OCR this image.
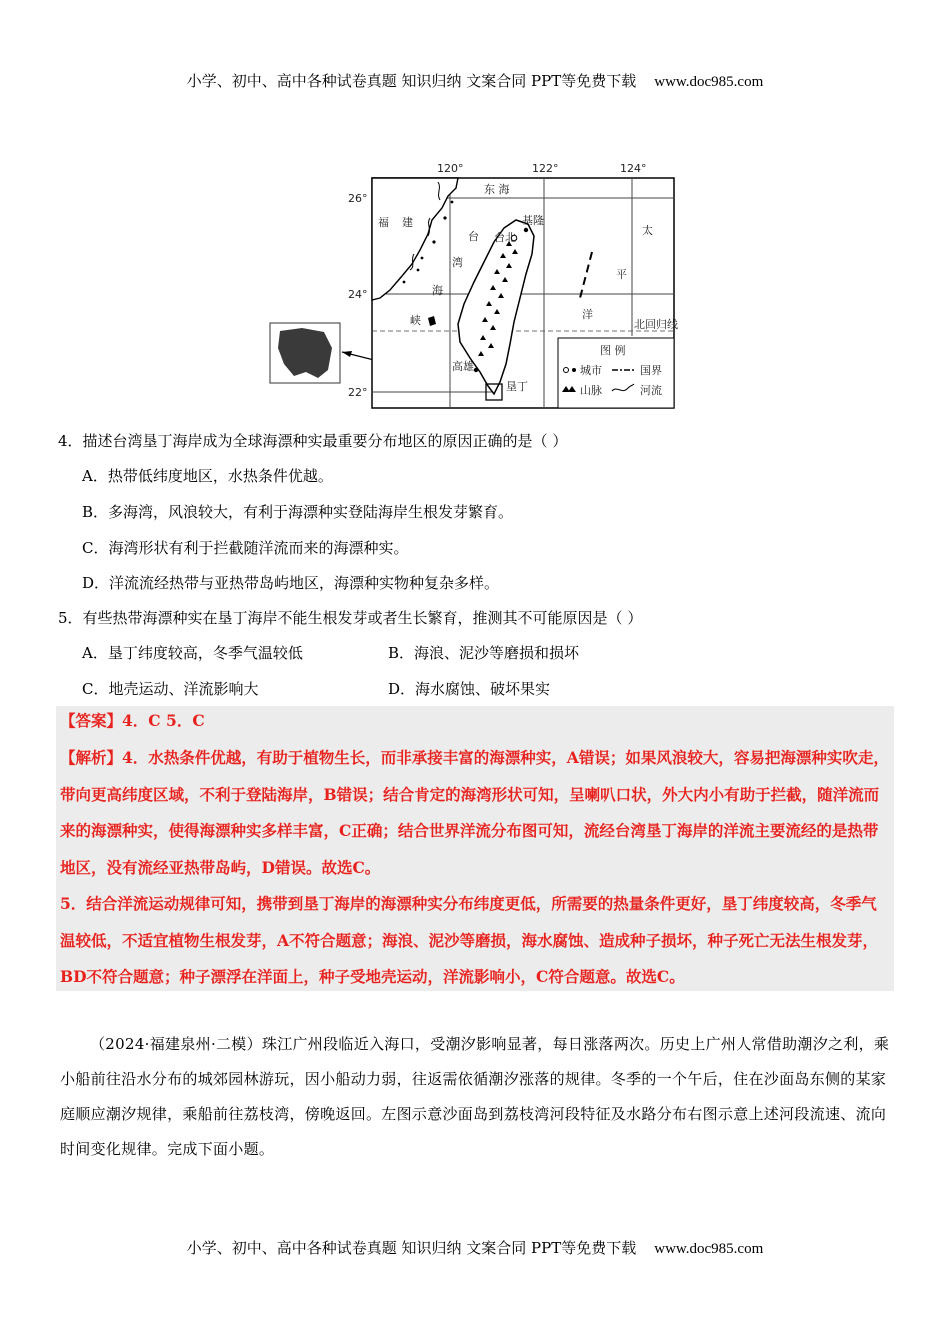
小学、初中、高中各种试卷真题 知识归纳 文案合同 PPT等免费下载 www.doc985.com
120°	122°	124°
26°
24°
22°
台北
基隆
高雄
垦丁
东 海
福 建
台
湾
海
峡
太
平
洋
北回归线
图 例
城市	国界
山脉	河流
4．描述台湾垦丁海岸成为全球海漂种实最重要分布地区的原因正确的是（ ）
A．热带低纬度地区，水热条件优越。
B．多海湾，风浪较大，有利于海漂种实登陆海岸生根发芽繁育。
C．海湾形状有利于拦截随洋流而来的海漂种实。
D．洋流流经热带与亚热带岛屿地区，海漂种实物种复杂多样。
5．有些热带海漂种实在垦丁海岸不能生根发芽或者生长繁育，推测其不可能原因是（ ）
A．垦丁纬度较高，冬季气温较低	B．海浪、泥沙等磨损和损坏
C．地壳运动、洋流影响大	D．海水腐蚀、破坏果实
【答案】4．C 5．C
【解析】4．水热条件优越，有助于植物生长，而非承接丰富的海漂种实，A错误；如果风浪较大，容易把海漂种实吹走，带向更高纬度区域，不利于登陆海岸，B错误；结合肯定的海湾形状可知，呈喇叭口状，外大内小有助于拦截，随洋流而来的海漂种实，使得海漂种实多样丰富，C正确；结合世界洋流分布图可知，流经台湾垦丁海岸的洋流主要流经的是热带地区，没有流经亚热带岛屿，D错误。故选C。
5．结合洋流运动规律可知，携带到垦丁海岸的海漂种实分布纬度更低，所需要的热量条件更好，垦丁纬度较高，冬季气温较低，不适宜植物生根发芽，A不符合题意；海浪、泥沙等磨损，海水腐蚀、造成种子损坏，种子死亡无法生根发芽，BD不符合题意；种子漂浮在洋面上，种子受地壳运动，洋流影响小，C符合题意。故选C。
（2024·福建泉州·二模）珠江广州段临近入海口，受潮汐影响显著，每日涨落两次。历史上广州人常借助潮汐之利，乘小船前往沿水分布的城郊园林游玩，因小船动力弱，往返需依循潮汐涨落的规律。冬季的一个午后，住在沙面岛东侧的某家庭顺应潮汐规律，乘船前往荔枝湾，傍晚返回。左图示意沙面岛到荔枝湾河段特征及水路分布右图示意上述河段流速、流向时间变化规律。完成下面小题。
小学、初中、高中各种试卷真题 知识归纳 文案合同 PPT等免费下载 www.doc985.com
